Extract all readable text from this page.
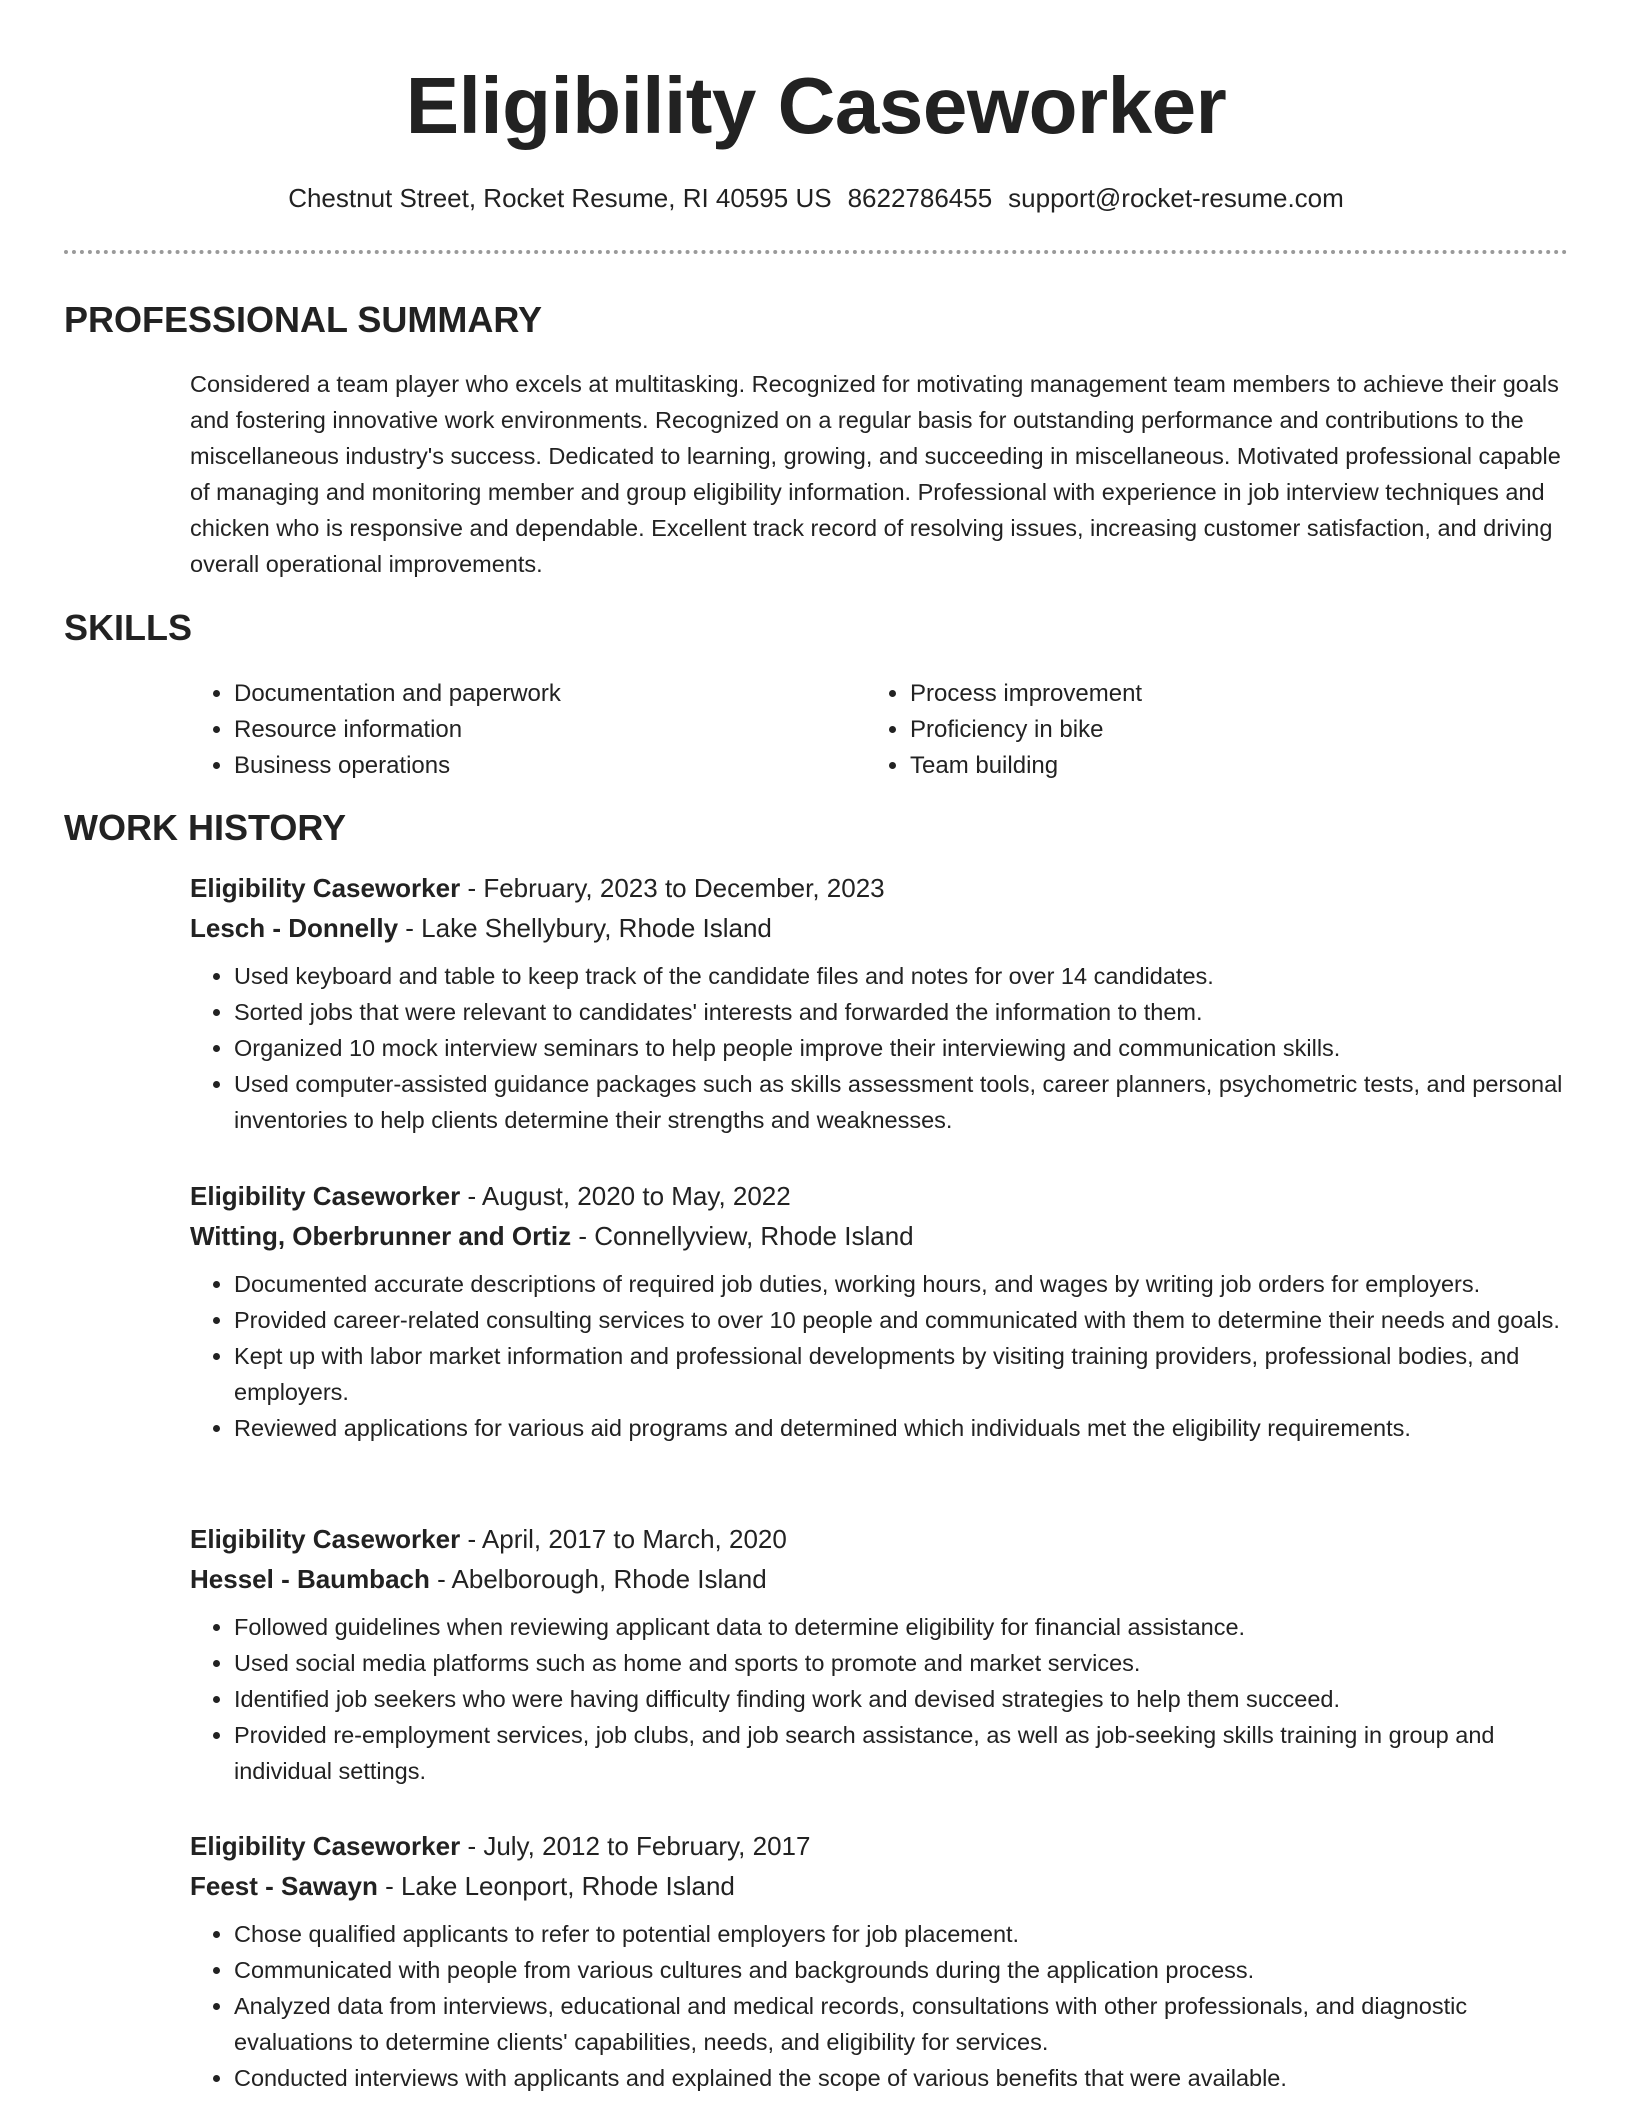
Eligibility Caseworker
Chestnut Street, Rocket Resume, RI 40595 US 8622786455 support@rocket-resume.com
PROFESSIONAL SUMMARY

Considered a team player who excels at multitasking. Recognized for motivating management team members to achieve their goals and fostering innovative work environments. Recognized on a regular basis for outstanding performance and contributions to the miscellaneous industry's success. Dedicated to learning, growing, and succeeding in miscellaneous. Motivated professional capable of managing and monitoring member and group eligibility information. Professional with experience in job interview techniques and chicken who is responsive and dependable. Excellent track record of resolving issues, increasing customer satisfaction, and driving overall operational improvements.

SKILLS
• Documentation and paperwork
• Resource information
• Business operations
• Process improvement
• Proficiency in bike
• Team building
WORK HISTORY
Eligibility Caseworker - February, 2023 to December, 2023
Lesch - Donnelly - Lake Shellybury, Rhode Island
• Used keyboard and table to keep track of the candidate files and notes for over 14 candidates.
• Sorted jobs that were relevant to candidates' interests and forwarded the information to them.
• Organized 10 mock interview seminars to help people improve their interviewing and communication skills.
• Used computer-assisted guidance packages such as skills assessment tools, career planners, psychometric tests, and personal inventories to help clients determine their strengths and weaknesses.
Eligibility Caseworker - August, 2020 to May, 2022
Witting, Oberbrunner and Ortiz - Connellyview, Rhode Island
• Documented accurate descriptions of required job duties, working hours, and wages by writing job orders for employers.
• Provided career-related consulting services to over 10 people and communicated with them to determine their needs and goals.
• Kept up with labor market information and professional developments by visiting training providers, professional bodies, and employers.
• Reviewed applications for various aid programs and determined which individuals met the eligibility requirements.
Eligibility Caseworker - April, 2017 to March, 2020
Hessel - Baumbach - Abelborough, Rhode Island
• Followed guidelines when reviewing applicant data to determine eligibility for financial assistance.
• Used social media platforms such as home and sports to promote and market services.
• Identified job seekers who were having difficulty finding work and devised strategies to help them succeed.
• Provided re-employment services, job clubs, and job search assistance, as well as job-seeking skills training in group and individual settings.
Eligibility Caseworker - July, 2012 to February, 2017
Feest - Sawayn - Lake Leonport, Rhode Island
• Chose qualified applicants to refer to potential employers for job placement.
• Communicated with people from various cultures and backgrounds during the application process.
• Analyzed data from interviews, educational and medical records, consultations with other professionals, and diagnostic evaluations to determine clients' capabilities, needs, and eligibility for services.
• Conducted interviews with applicants and explained the scope of various benefits that were available.
